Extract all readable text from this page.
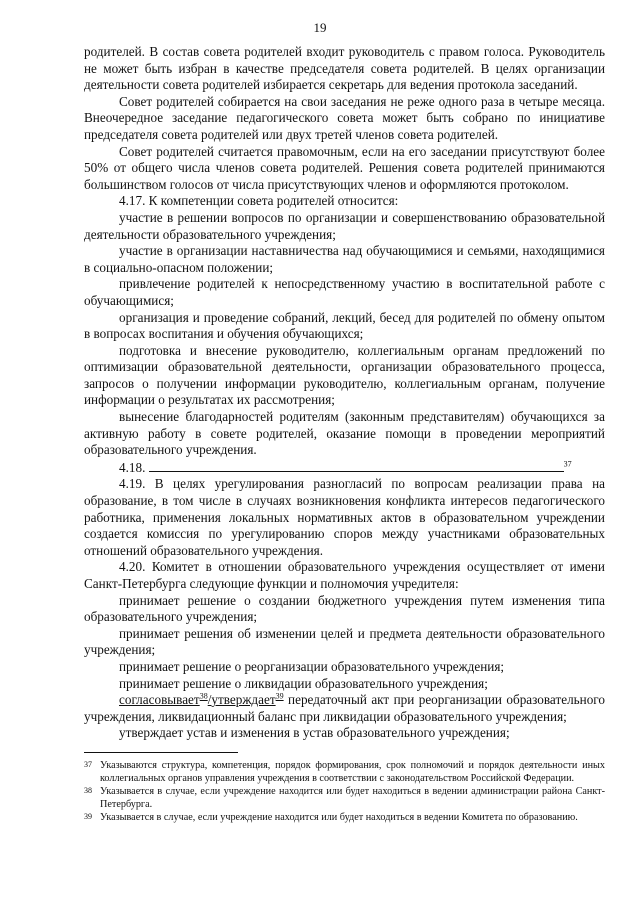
19

родителей. В состав совета родителей входит руководитель с правом голоса. Руководитель не может быть избран в качестве председателя совета родителей. В целях организации деятельности совета родителей избирается секретарь для ведения протокола заседаний.

Совет родителей собирается на свои заседания не реже одного раза в четыре месяца. Внеочередное заседание педагогического совета может быть собрано по инициативе председателя совета родителей или двух третей членов совета родителей.

Совет родителей считается правомочным, если на его заседании присутствуют более 50% от общего числа членов совета родителей. Решения совета родителей принимаются большинством голосов от числа присутствующих членов и оформляются протоколом.

4.17. К компетенции совета родителей относится:

участие в решении вопросов по организации и совершенствованию образовательной деятельности образовательного учреждения;

участие в организации наставничества над обучающимися и семьями, находящимися в социально-опасном положении;

привлечение родителей к непосредственному участию в воспитательной работе с обучающимися;

организация и проведение собраний, лекций, бесед для родителей по обмену опытом в вопросах воспитания и обучения обучающихся;

подготовка и внесение руководителю, коллегиальным органам предложений по оптимизации образовательной деятельности, организации образовательного процесса, запросов о получении информации руководителю, коллегиальным органам, получение информации о результатах их рассмотрения;

вынесение благодарностей родителям (законным представителям) обучающихся за активную работу в совете родителей, оказание помощи в проведении мероприятий образовательного учреждения.

4.18.	$^{37}$

4.19. В целях урегулирования разногласий по вопросам реализации права на образование, в том числе в случаях возникновения конфликта интересов педагогического работника, применения локальных нормативных актов в образовательном учреждении создается комиссия по урегулированию споров между участниками образовательных отношений образовательного учреждения.

4.20. Комитет в отношении образовательного учреждения осуществляет от имени Санкт-Петербурга следующие функции и полномочия учредителя:

принимает решение о создании бюджетного учреждения путем изменения типа образовательного учреждения;

принимает решения об изменении целей и предмета деятельности образовательного учреждения;

принимает решение о реорганизации образовательного учреждения;

принимает решение о ликвидации образовательного учреждения;

согласовывает$^{38}$/утверждает$^{39}$ передаточный акт при реорганизации образовательного учреждения, ликвидационный баланс при ликвидации образовательного учреждения;

утверждает устав и изменения в устав образовательного учреждения;

37 Указываются структура, компетенция, порядок формирования, срок полномочий и порядок деятельности иных коллегиальных органов управления учреждения в соответствии с законодательством Российской Федерации.
38 Указывается в случае, если учреждение находится или будет находиться в ведении администрации района Санкт-Петербурга.
39 Указывается в случае, если учреждение находится или будет находиться в ведении Комитета по образованию.
